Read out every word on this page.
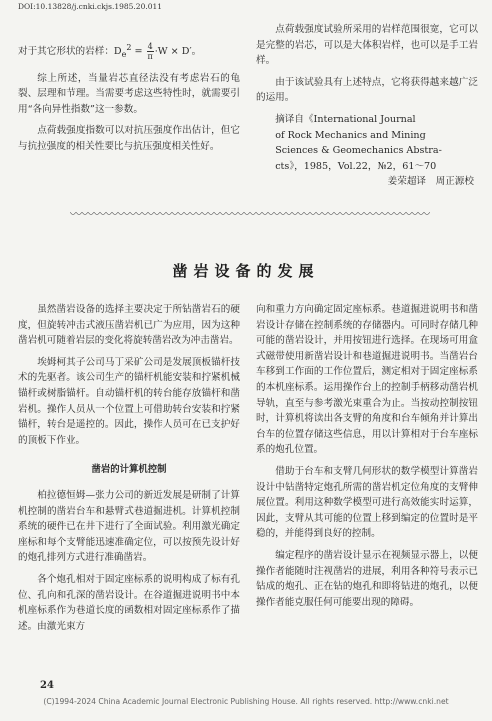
DOI:10.13828/j.cnki.ckjs.1985.20.011
对于其它形状的岩样：$D_e^2 = \frac{4}{\pi} \cdot W \times D'$。

综上所述，当量岩芯直径法没有考虑岩石的龟裂、层理和节理。当需要考虑这些特性时，就需要引用“各向异性指数”这一参数。

点荷载强度指数可以对抗压强度作出估计，但它与抗拉强度的相关性要比与抗压强度相关性好。

点荷载强度试验所采用的岩样范围很宽，它可以是完整的岩芯，可以是大体积岩样，也可以是手工岩样。

由于该试验具有上述特点，它将获得越来越广泛的运用。

摘译自《International Journal
of Rock Mechanics and Mining
Sciences & Geomechanics Abstra-
cts》，1985，Vol.22，№2，61～70
姜荣超译　周正源校
凿岩设备的发展

虽然凿岩设备的选择主要决定于所钻凿岩石的硬度，但旋转冲击式液压凿岩机已广为应用，因为这种凿岩机可随着岩层的变化将旋转凿岩改为冲击凿岩。

埃姆柯其子公司马丁采矿公司是发展顶板锚杆技术的先驱者。该公司生产的锚杆机能安装和拧紧机械锚杆或树脂锚杆。自动锚杆机的转台能存放锚杆和凿岩机。操作人员从一个位置上可借助转台安装和拧紧锚杆，转台是遥控的。因此，操作人员可在已支护好的顶板下作业。

凿岩的计算机控制

柏拉德恒姆—张力公司的新近发展是研制了计算机控制的凿岩台车和悬臂式巷道掘进机。计算机控制系统的硬件已在井下进行了全面试验。利用激光确定座标和每个支臂能迅速准确定位，可以按预先设计好的炮孔排列方式进行准确凿岩。

各个炮孔相对于固定座标系的说明构成了标有孔位、孔向和孔深的凿岩设计。在谷道掘进说明书中本机座标系作为巷道长度的函数相对固定座标系作了描述。由激光束方

向和重力方向确定固定座标系。巷道掘进说明书和凿岩设计存储在控制系统的存储器内。可同时存储几种可能的凿岩设计，并用按钮进行选择。在现场可用盒式磁带使用新凿岩设计和巷道掘进说明书。当凿岩台车移到工作面的工作位置后，测定相对于固定座标系的本机座标系。运用操作台上的控制手柄移动凿岩机导轨，直至与参考激光束重合为止。当按动控制按钮时，计算机将读出各支臂的角度和台车倾角并计算出台车的位置存储这些信息，用以计算相对于台车座标系的炮孔位置。

借助于台车和支臂几何形状的数学模型计算凿岩设计中钻凿特定炮孔所需的凿岩机定位角度的支臂伸展位置。利用这种数学模型可进行高效能实时运算，因此，支臂从其可能的位置上移到编定的位置时是平稳的，并能得到良好的控制。

编定程序的凿岩设计显示在视频显示器上，以便操作者能随时注视凿岩的进展，利用各种符号表示已钻成的炮孔、正在钻的炮孔和即将钻进的炮孔，以便操作者能克服任何可能要出现的障碍。

24
(C)1994-2024 China Academic Journal Electronic Publishing House. All rights reserved. http://www.cnki.net
